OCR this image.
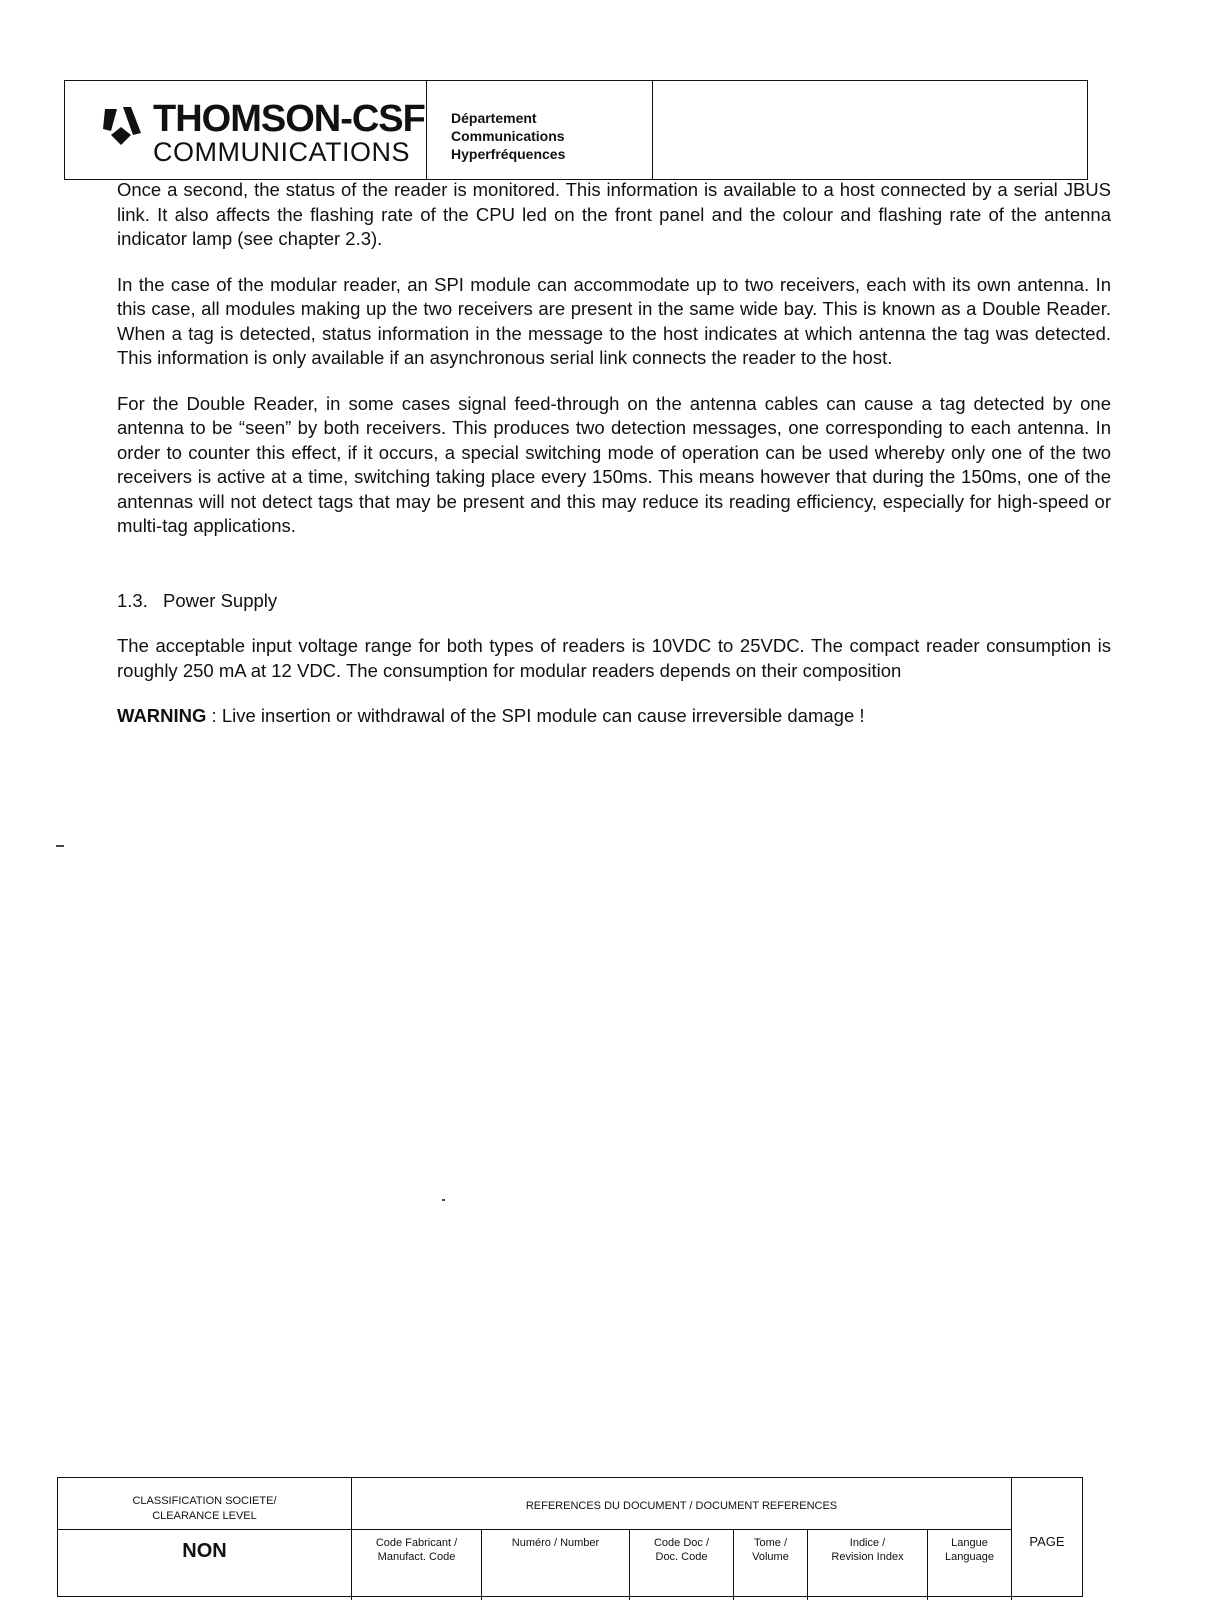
THOMSON-CSF
COMMUNICATIONS
Département
Communications
Hyperfréquences

Once a second, the status of the reader is monitored. This information is available to a host connected by a serial JBUS link. It also affects the flashing rate of the CPU led on the front panel and the colour and flashing rate of the antenna indicator lamp (see chapter 2.3).

In the case of the modular reader, an SPI module can accommodate up to two receivers, each with its own antenna. In this case, all modules making up the two receivers are present in the same wide bay. This is known as a Double Reader. When a tag is detected, status information in the message to the host indicates at which antenna the tag was detected. This information is only available if an asynchronous serial link connects the reader to the host.

For the Double Reader, in some cases signal feed-through on the antenna cables can cause a tag detected by one antenna to be “seen” by both receivers. This produces two detection messages, one corresponding to each antenna. In order to counter this effect, if it occurs, a special switching mode of operation can be used whereby only one of the two receivers is active at a time, switching taking place every 150ms. This means however that during the 150ms, one of the antennas will not detect tags that may be present and this may reduce its reading efficiency, especially for high-speed or multi-tag applications.

1.3. Power Supply

The acceptable input voltage range for both types of readers is 10VDC to 25VDC. The compact reader consumption is roughly 250 mA at 12 VDC. The consumption for modular readers depends on their composition

WARNING : Live insertion or withdrawal of the SPI module can cause irreversible damage !

CLASSIFICATION SOCIETE/
CLEARANCE LEVEL
NON
REFERENCES DU DOCUMENT / DOCUMENT REFERENCES
Code Fabricant /
Manufact. Code
Numéro / Number	Code Doc /
Doc. Code
Tome /
Volume
Indice /
Revision Index
Langue
Language
PAGE
